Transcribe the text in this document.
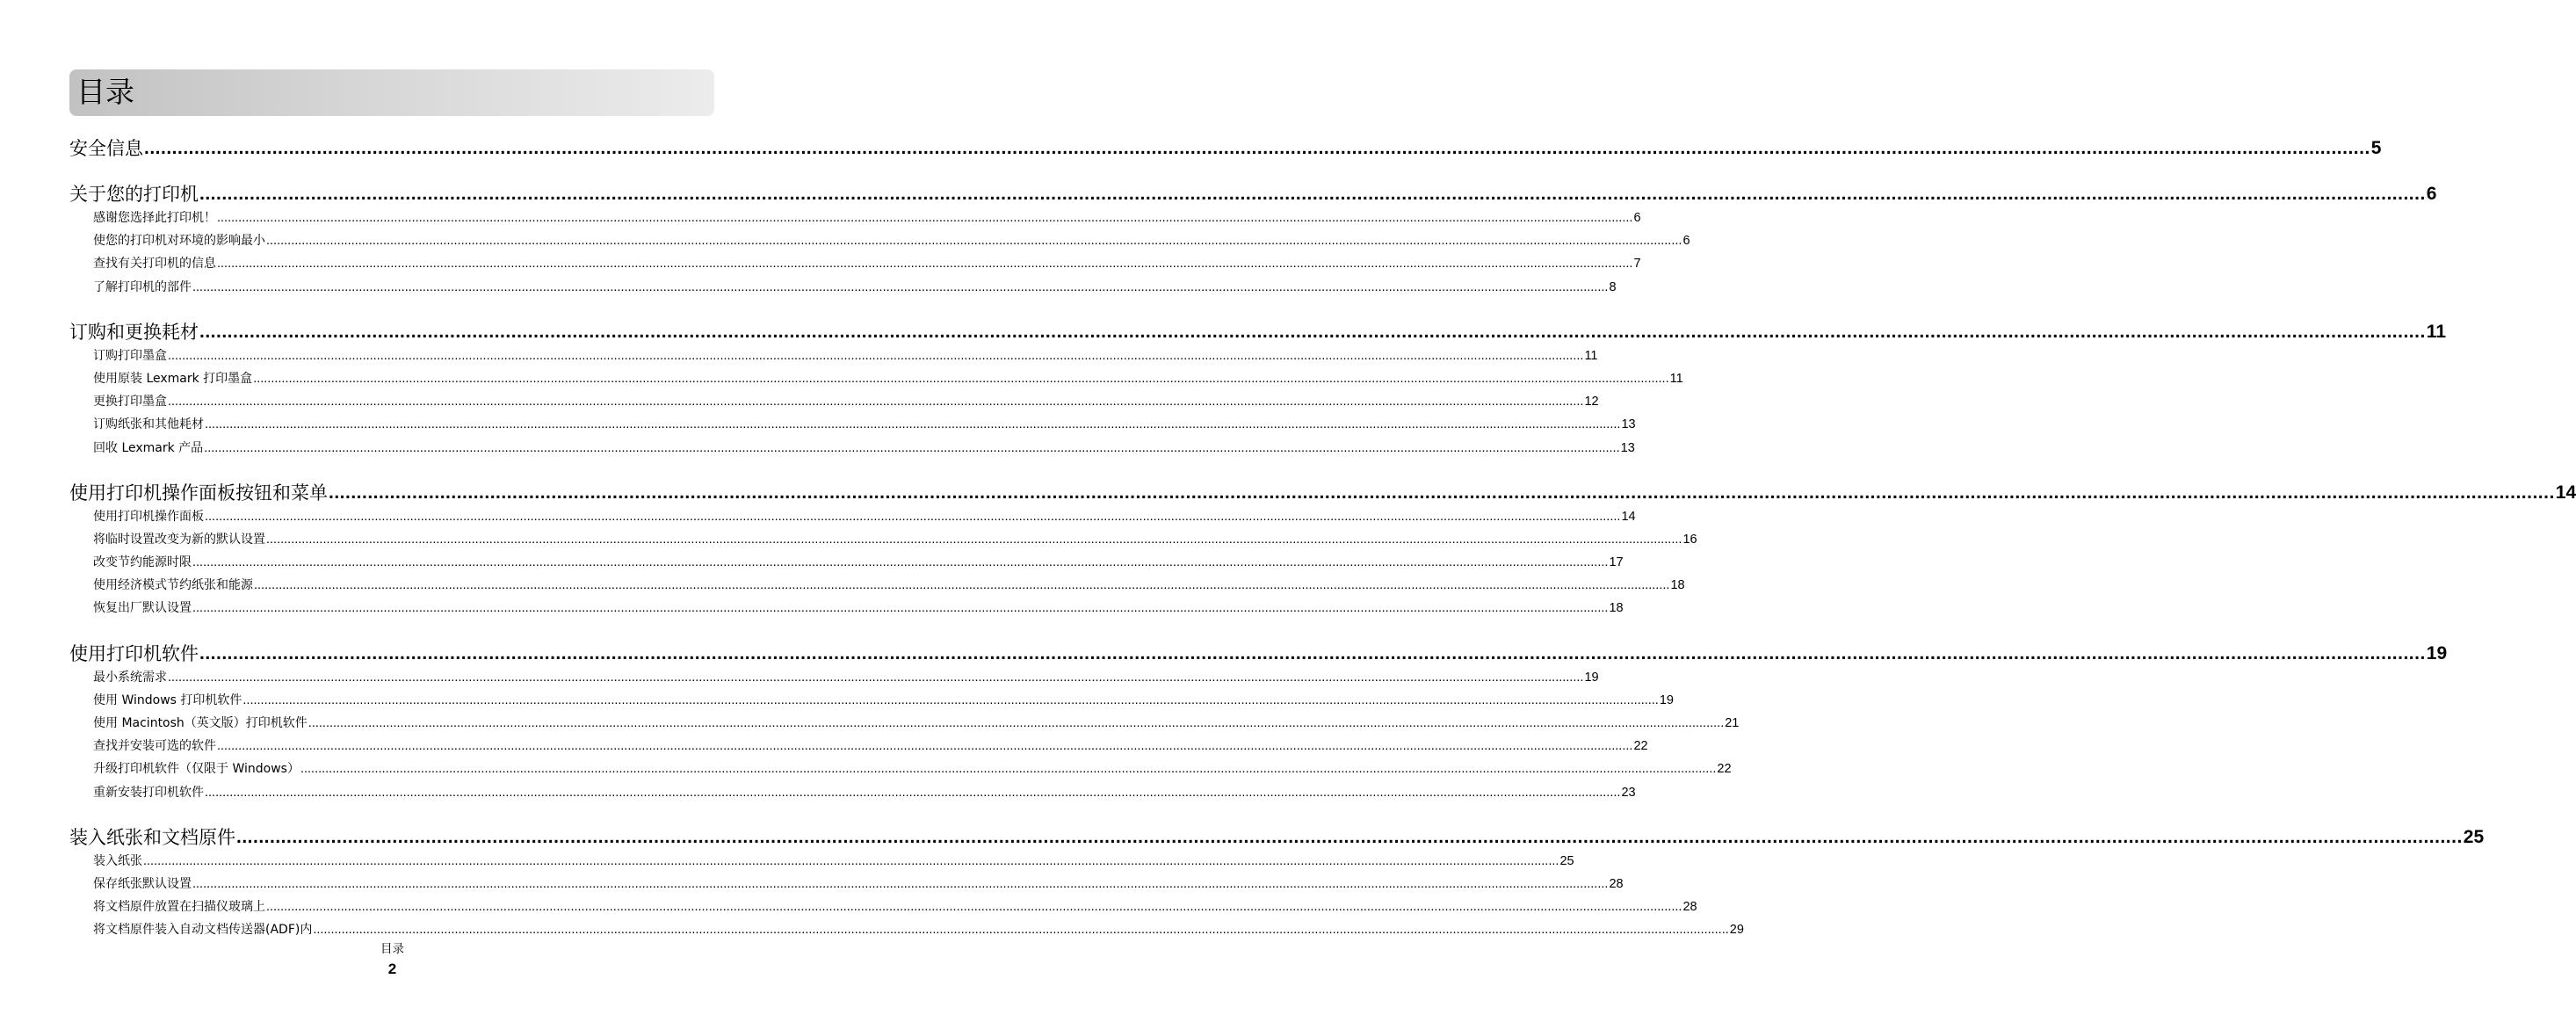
目录
安全信息 ................................................................................................................................................................................................................................................................................................................................................................................................................ 5
关于您的打印机 ................................................................................................................................................................................................................................................................................................................................................................................................................ 6
感谢您选择此打印机！ ................................................................................................................................................................................................................................................................................................................................................................................................................ 6
使您的打印机对环境的影响最小 ................................................................................................................................................................................................................................................................................................................................................................................................................ 6
查找有关打印机的信息 ................................................................................................................................................................................................................................................................................................................................................................................................................ 7
了解打印机的部件 ................................................................................................................................................................................................................................................................................................................................................................................................................ 8
订购和更换耗材 ................................................................................................................................................................................................................................................................................................................................................................................................................ 11
订购打印墨盒 ................................................................................................................................................................................................................................................................................................................................................................................................................ 11
使用原装 Lexmark 打印墨盒 ................................................................................................................................................................................................................................................................................................................................................................................................................ 11
更换打印墨盒 ................................................................................................................................................................................................................................................................................................................................................................................................................ 12
订购纸张和其他耗材 ................................................................................................................................................................................................................................................................................................................................................................................................................ 13
回收 Lexmark 产品 ................................................................................................................................................................................................................................................................................................................................................................................................................ 13
使用打印机操作面板按钮和菜单 ................................................................................................................................................................................................................................................................................................................................................................................................................ 14
使用打印机操作面板 ................................................................................................................................................................................................................................................................................................................................................................................................................ 14
将临时设置改变为新的默认设置 ................................................................................................................................................................................................................................................................................................................................................................................................................ 16
改变节约能源时限 ................................................................................................................................................................................................................................................................................................................................................................................................................ 17
使用经济模式节约纸张和能源 ................................................................................................................................................................................................................................................................................................................................................................................................................ 18
恢复出厂默认设置 ................................................................................................................................................................................................................................................................................................................................................................................................................ 18
使用打印机软件 ................................................................................................................................................................................................................................................................................................................................................................................................................ 19
最小系统需求 ................................................................................................................................................................................................................................................................................................................................................................................................................ 19
使用 Windows 打印机软件 ................................................................................................................................................................................................................................................................................................................................................................................................................ 19
使用 Macintosh（英文版）打印机软件 ................................................................................................................................................................................................................................................................................................................................................................................................................ 21
查找并安装可选的软件 ................................................................................................................................................................................................................................................................................................................................................................................................................ 22
升级打印机软件（仅限于 Windows） ................................................................................................................................................................................................................................................................................................................................................................................................................ 22
重新安装打印机软件 ................................................................................................................................................................................................................................................................................................................................................................................................................ 23
装入纸张和文档原件 ................................................................................................................................................................................................................................................................................................................................................................................................................ 25
装入纸张 ................................................................................................................................................................................................................................................................................................................................................................................................................ 25
保存纸张默认设置 ................................................................................................................................................................................................................................................................................................................................................................................................................ 28
将文档原件放置在扫描仪玻璃上 ................................................................................................................................................................................................................................................................................................................................................................................................................ 28
将文档原件装入自动文档传送器(ADF)内 ................................................................................................................................................................................................................................................................................................................................................................................................................ 29
目录
2
